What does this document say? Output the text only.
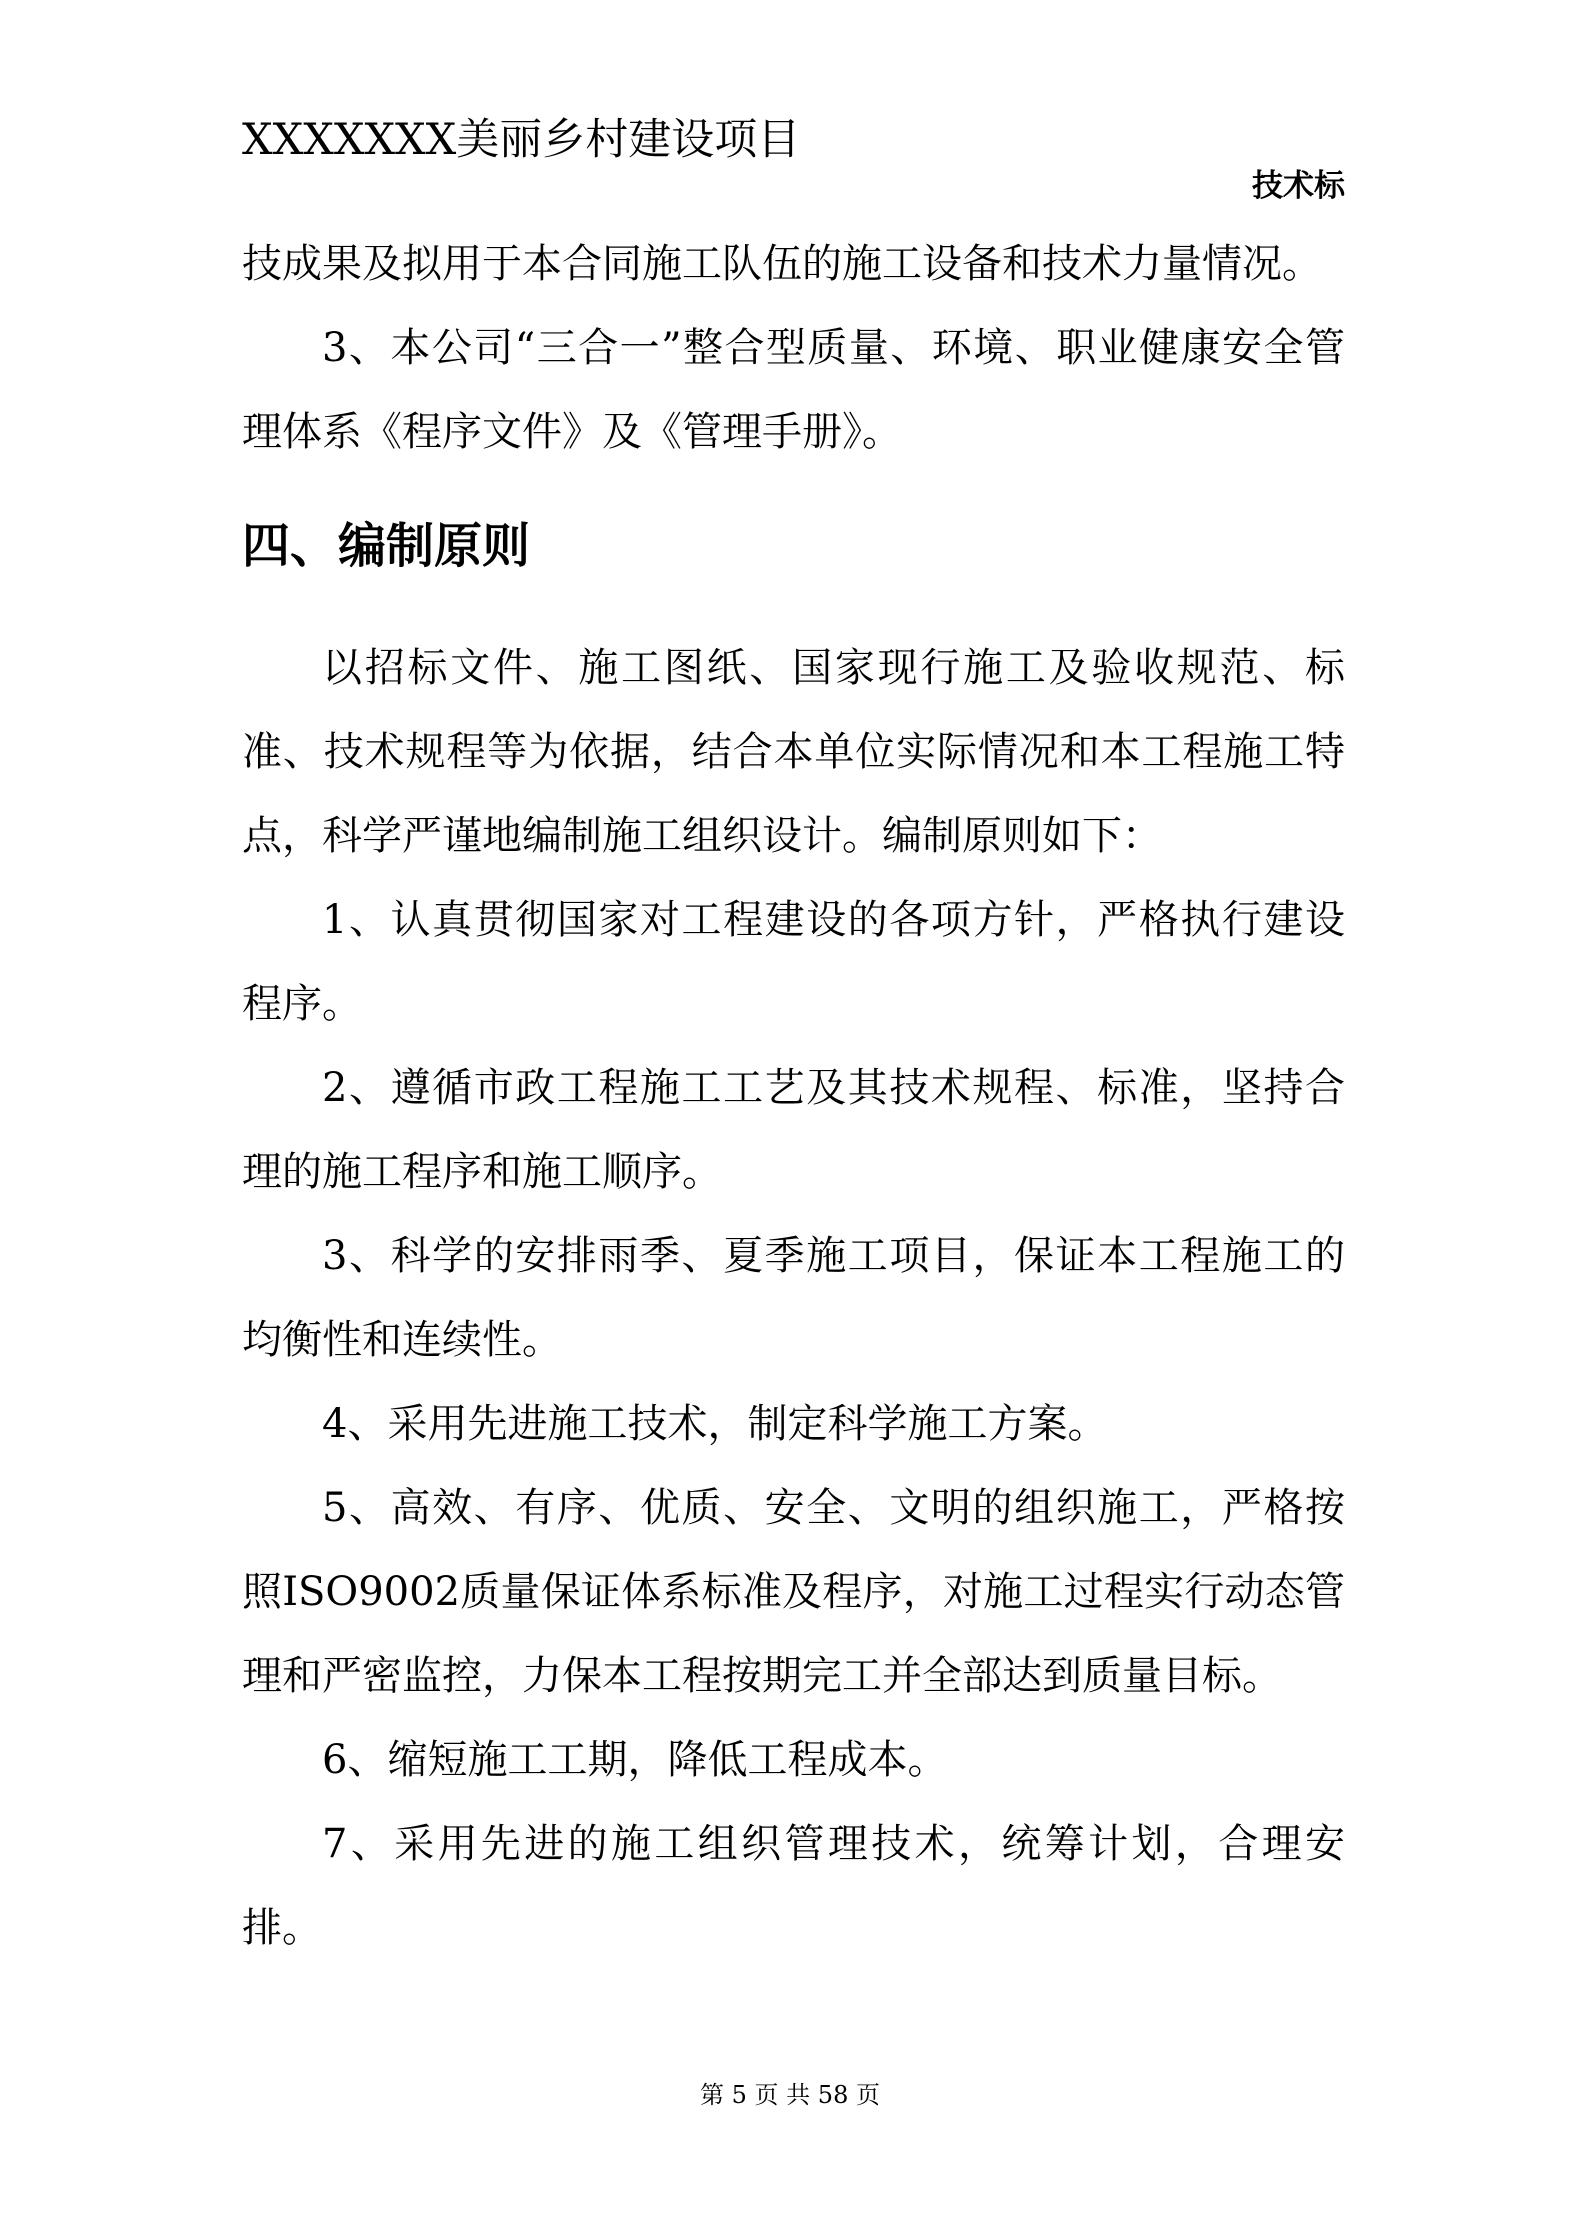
XXXXXXX美丽乡村建设项目
技术标

技成果及拟用于本合同施工队伍的施工设备和技术力量情况。

3、本公司“三合一”整合型质量、环境、职业健康安全管理体系《程序文件》及《管理手册》。

四、编制原则

以招标文件、施工图纸、国家现行施工及验收规范、标准、技术规程等为依据，结合本单位实际情况和本工程施工特点，科学严谨地编制施工组织设计。编制原则如下：

1、认真贯彻国家对工程建设的各项方针，严格执行建设程序。

2、遵循市政工程施工工艺及其技术规程、标准，坚持合理的施工程序和施工顺序。

3、科学的安排雨季、夏季施工项目，保证本工程施工的均衡性和连续性。

4、采用先进施工技术，制定科学施工方案。

5、高效、有序、优质、安全、文明的组织施工，严格按照ISO9002质量保证体系标准及程序，对施工过程实行动态管理和严密监控，力保本工程按期完工并全部达到质量目标。

6、缩短施工工期，降低工程成本。

7、采用先进的施工组织管理技术，统筹计划，合理安排。

第 5 页 共 58 页
